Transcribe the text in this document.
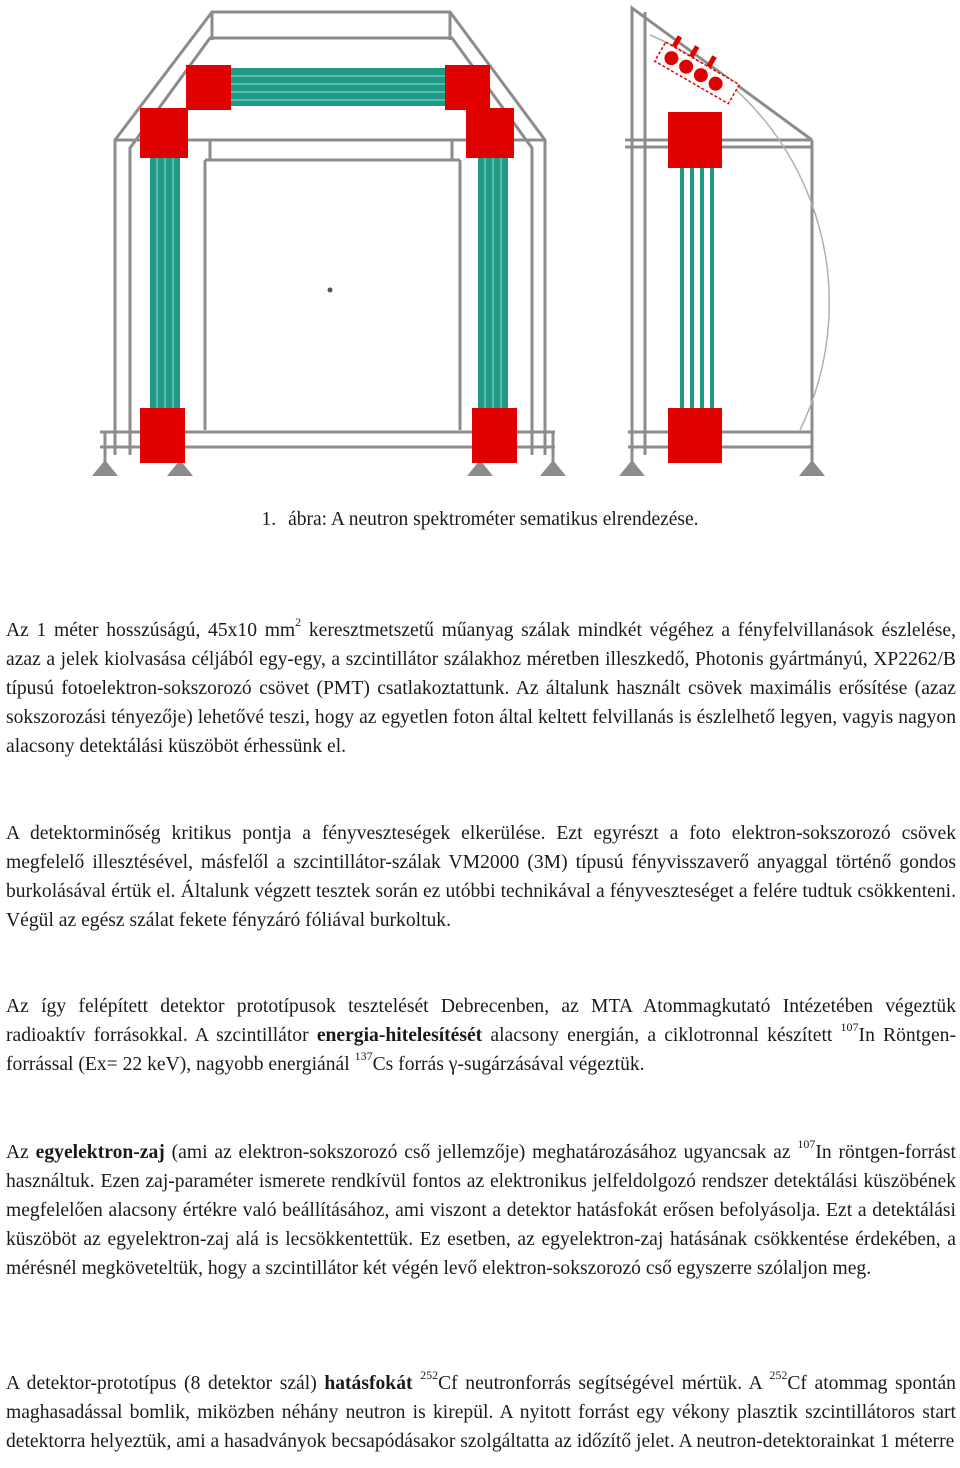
1. ábra: A neutron spektrométer sematikus elrendezése.

Az 1 méter hosszúságú, 45x10 $mm^2$ keresztmetszetű műanyag szálak mindkét végéhez a fényfelvillanások észlelése, azaz a jelek kiolvasása céljából egy-egy, a szcintillátor szálakhoz méretben illeszkedő, Photonis gyártmányú, XP2262/B típusú fotoelektron-sokszorozó csövet (PMT) csatlakoztattunk. Az általunk használt csövek maximális erősítése (azaz sokszorozási tényezője) lehetővé teszi, hogy az egyetlen foton által keltett felvillanás is észlelhető legyen, vagyis nagyon alacsony detektálási küszöböt érhessünk el.

A detektorminőség kritikus pontja a fényveszteségek elkerülése. Ezt egyrészt a foto elektron-sokszorozó csövek megfelelő illesztésével, másfelől a szcintillátor-szálak VM2000 (3M) típusú fényvisszaverő anyaggal történő gondos burkolásával értük el. Általunk végzett tesztek során ez utóbbi technikával a fényveszteséget a felére tudtuk csökkenteni. Végül az egész szálat fekete fényzáró fóliával burkoltuk.

Az így felépített detektor prototípusok tesztelését Debrecenben, az MTA Atommagkutató Intézetében végeztük radioaktív forrásokkal. A szcintillátor energia-hitelesítését alacsony energián, a ciklotronnal készített $^{107}$In Röntgen-forrással (Ex= 22 keV), nagyobb energiánál $^{137}$Cs forrás γ-sugárzásával végeztük.

Az egyelektron-zaj (ami az elektron-sokszorozó cső jellemzője) meghatározásához ugyancsak az $^{107}$In röntgen-forrást használtuk. Ezen zaj-paraméter ismerete rendkívül fontos az elektronikus jelfeldolgozó rendszer detektálási küszöbének megfelelően alacsony értékre való beállításához, ami viszont a detektor hatásfokát erősen befolyásolja. Ezt a detektálási küszöböt az egyelektron-zaj alá is lecsökkentettük. Ez esetben, az egyelektron-zaj hatásának csökkentése érdekében, a mérésnél megköveteltük, hogy a szcintillátor két végén levő elektron-sokszorozó cső egyszerre szólaljon meg.

A detektor-prototípus (8 detektor szál) hatásfokát $^{252}$Cf neutronforrás segítségével mértük. A $^{252}$Cf atommag spontán maghasadással bomlik, miközben néhány neutron is kirepül. A nyitott forrást egy vékony plasztik szcintillátoros start detektorra helyeztük, ami a hasadványok becsapódásakor szolgáltatta az időzítő jelet. A neutron-detektorainkat 1 méterre
